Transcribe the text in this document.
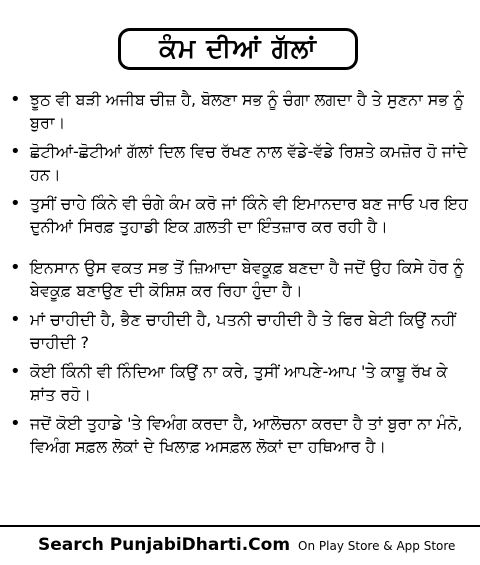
ਕੰਮ ਦੀਆਂ ਗੱਲਾਂ
• ਝੂਠ ਵੀ ਬੜੀ ਅਜੀਬ ਚੀਜ਼ ਹੈ, ਬੋਲਣਾ ਸਭ ਨੂੰ ਚੰਗਾ ਲਗਦਾ ਹੈ ਤੇ ਸੁਣਨਾ ਸਭ ਨੂੰ ਬੁਰਾ।
• ਛੋਟੀਆਂ-ਛੋਟੀਆਂ ਗੱਲਾਂ ਦਿਲ ਵਿਚ ਰੱਖਣ ਨਾਲ ਵੱਡੇ-ਵੱਡੇ ਰਿਸ਼ਤੇ ਕਮਜ਼ੋਰ ਹੋ ਜਾਂਦੇ ਹਨ।
• ਤੁਸੀਂ ਚਾਹੇ ਕਿੰਨੇ ਵੀ ਚੰਗੇ ਕੰਮ ਕਰੋ ਜਾਂ ਕਿੰਨੇ ਵੀ ਇਮਾਨਦਾਰ ਬਣ ਜਾਓ ਪਰ ਇਹ ਦੁਨੀਆਂ ਸਿਰਫ਼ ਤੁਹਾਡੀ ਇਕ ਗ਼ਲਤੀ ਦਾ ਇੰਤਜ਼ਾਰ ਕਰ ਰਹੀ ਹੈ।
• ਇਨਸਾਨ ਉਸ ਵਕਤ ਸਭ ਤੋਂ ਜ਼ਿਆਦਾ ਬੇਵਕੂਫ਼ ਬਣਦਾ ਹੈ ਜਦੋਂ ਉਹ ਕਿਸੇ ਹੋਰ ਨੂੰ ਬੇਵਕੂਫ਼ ਬਣਾਉਣ ਦੀ ਕੋਸ਼ਿਸ਼ ਕਰ ਰਿਹਾ ਹੁੰਦਾ ਹੈ।
• ਮਾਂ ਚਾਹੀਦੀ ਹੈ, ਭੈਣ ਚਾਹੀਦੀ ਹੈ, ਪਤਨੀ ਚਾਹੀਦੀ ਹੈ ਤੇ ਫਿਰ ਬੇਟੀ ਕਿਉਂ ਨਹੀਂ ਚਾਹੀਦੀ ?
• ਕੋਈ ਕਿੰਨੀ ਵੀ ਨਿੰਦਿਆ ਕਿਉਂ ਨਾ ਕਰੇ, ਤੁਸੀਂ ਆਪਣੇ-ਆਪ 'ਤੇ ਕਾਬੂ ਰੱਖ ਕੇ ਸ਼ਾਂਤ ਰਹੋ।
• ਜਦੋਂ ਕੋਈ ਤੁਹਾਡੇ 'ਤੇ ਵਿਅੰਗ ਕਰਦਾ ਹੈ, ਆਲੋਚਨਾ ਕਰਦਾ ਹੈ ਤਾਂ ਬੁਰਾ ਨਾ ਮੰਨੋ, ਵਿਅੰਗ ਸਫ਼ਲ ਲੋਕਾਂ ਦੇ ਖਿਲਾਫ਼ ਅਸਫ਼ਲ ਲੋਕਾਂ ਦਾ ਹਥਿਆਰ ਹੈ।
Search PunjabiDharti.Com On Play Store & App Store
